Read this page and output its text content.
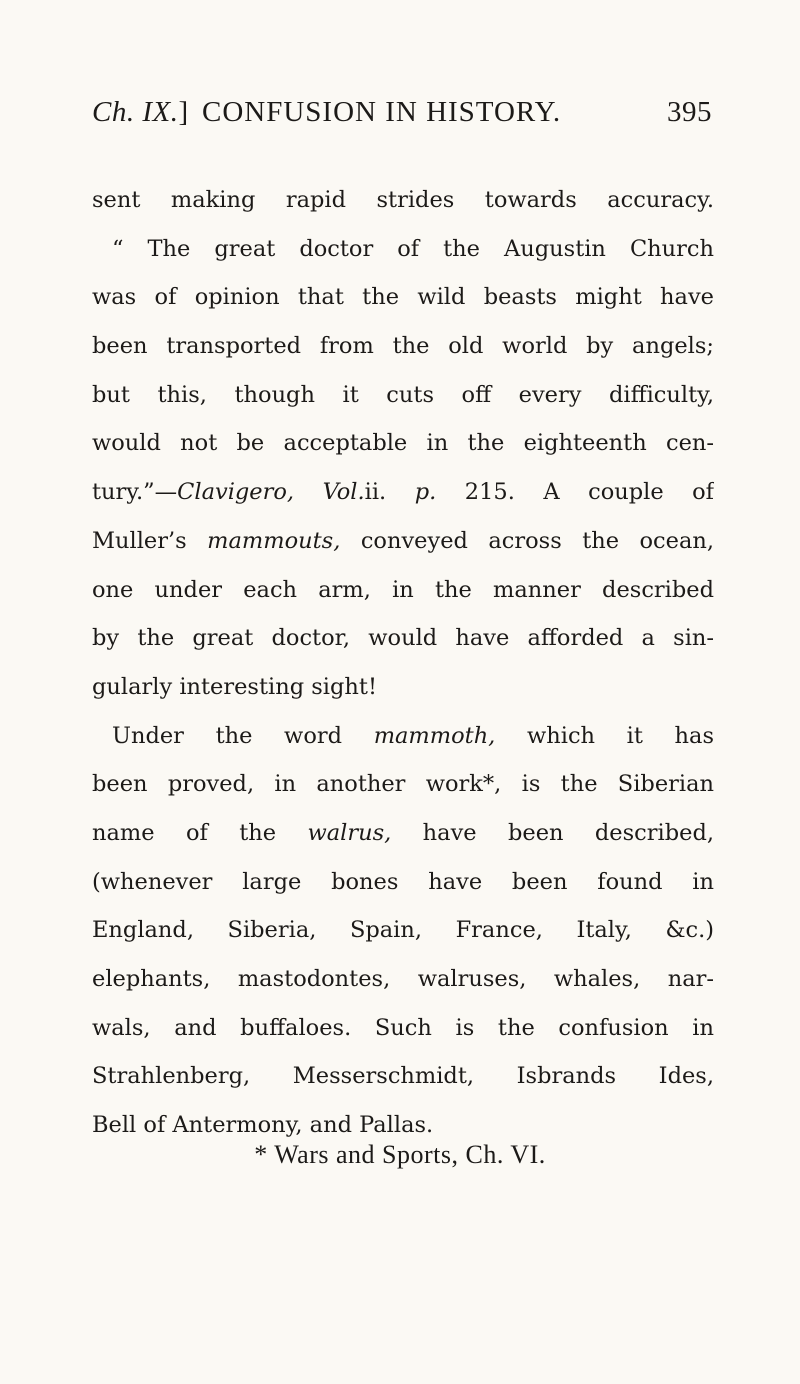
Ch. IX.] CONFUSION IN HISTORY.	395
sent making rapid strides towards accuracy.
“ The great doctor of the Augustin Church
was of opinion that the wild beasts might have
been transported from the old world by angels;
but this, though it cuts off every difficulty,
would not be acceptable in the eighteenth cen-
tury.”—Clavigero, Vol.ii. p. 215. A couple of
Muller’s mammouts, conveyed across the ocean,
one under each arm, in the manner described
by the great doctor, would have afforded a sin-
gularly interesting sight!
Under the word mammoth, which it has
been proved, in another work*, is the Siberian
name of the walrus, have been described,
(whenever large bones have been found in
England, Siberia, Spain, France, Italy, &c.)
elephants, mastodontes, walruses, whales, nar-
wals, and buffaloes. Such is the confusion in
Strahlenberg, Messerschmidt, Isbrands Ides,
Bell of Antermony, and Pallas.
* Wars and Sports, Ch. VI.
